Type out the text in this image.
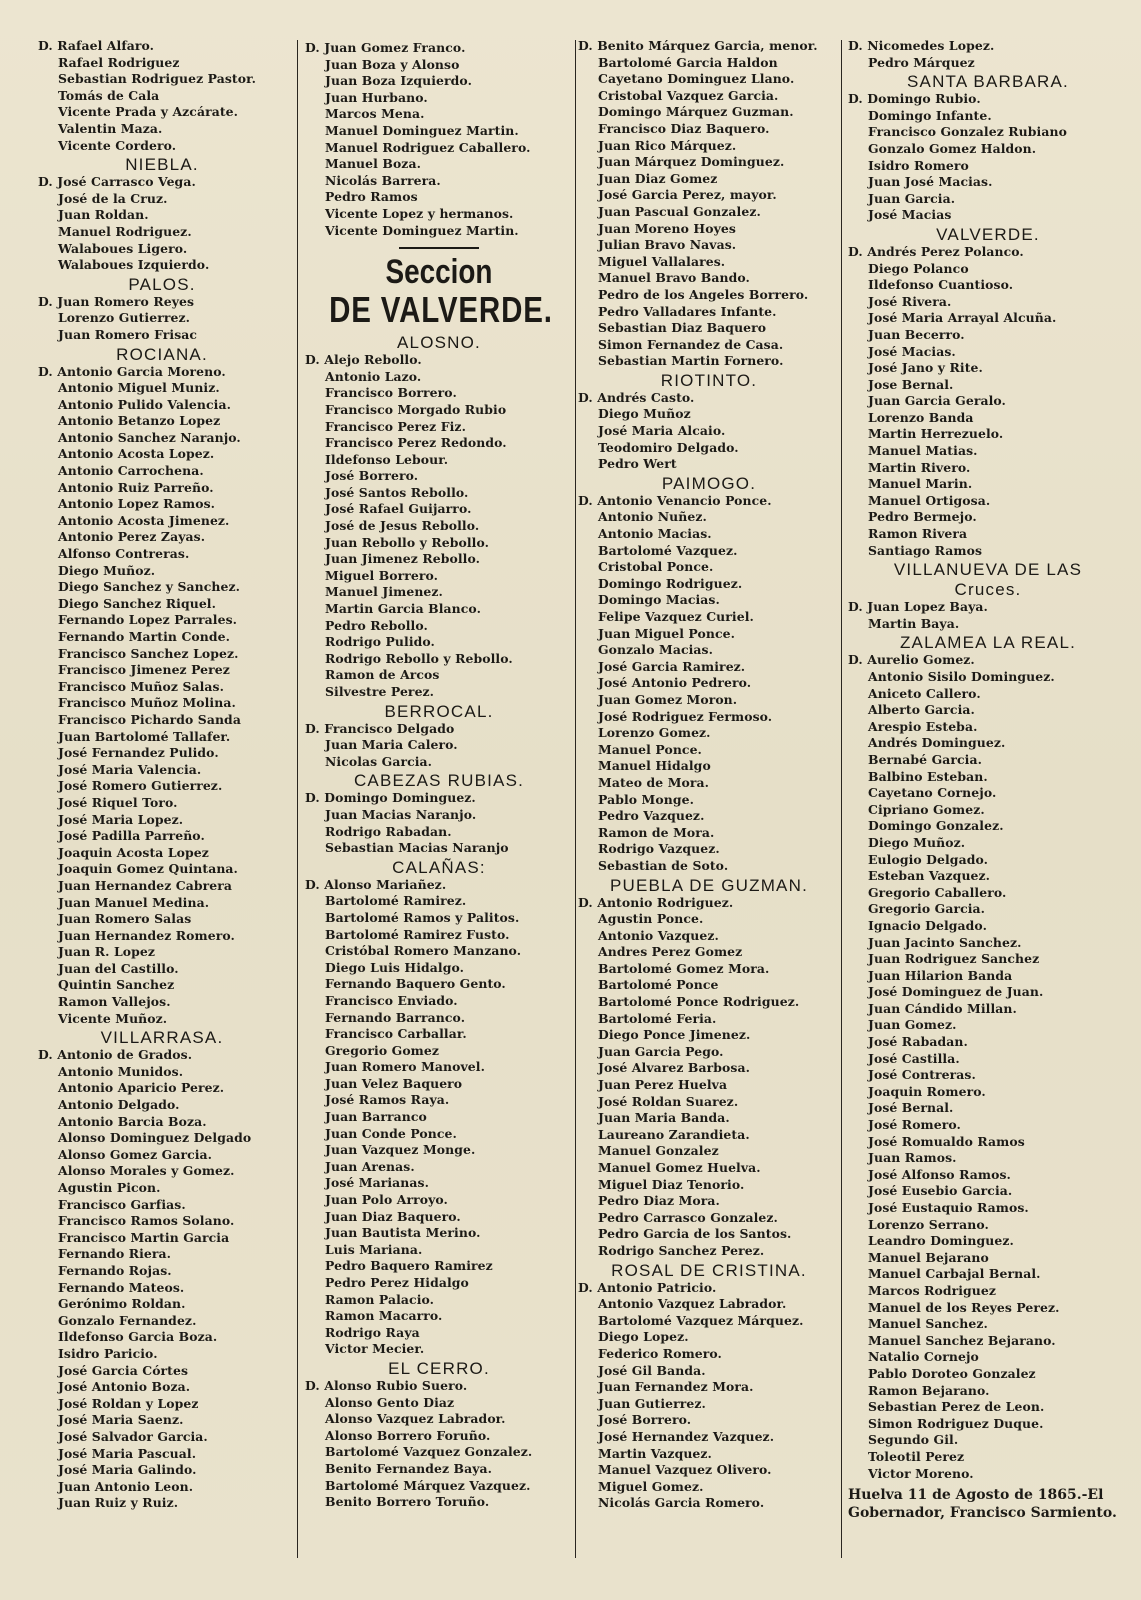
D. Rafael Alfaro.
Rafael Rodriguez
Sebastian Rodriguez Pastor.
Tomás de Cala
Vicente Prada y Azcárate.
Valentin Maza.
Vicente Cordero.
NIEBLA.
D. José Carrasco Vega.
José de la Cruz.
Juan Roldan.
Manuel Rodriguez.
Walaboues Ligero.
Walaboues Izquierdo.
PALOS.
D. Juan Romero Reyes
Lorenzo Gutierrez.
Juan Romero Frisac
ROCIANA.
D. Antonio Garcia Moreno.
Antonio Miguel Muniz.
Antonio Pulido Valencia.
Antonio Betanzo Lopez
Antonio Sanchez Naranjo.
Antonio Acosta Lopez.
Antonio Carrochena.
Antonio Ruiz Parreño.
Antonio Lopez Ramos.
Antonio Acosta Jimenez.
Antonio Perez Zayas.
Alfonso Contreras.
Diego Muñoz.
Diego Sanchez y Sanchez.
Diego Sanchez Riquel.
Fernando Lopez Parrales.
Fernando Martin Conde.
Francisco Sanchez Lopez.
Francisco Jimenez Perez
Francisco Muñoz Salas.
Francisco Muñoz Molina.
Francisco Pichardo Sanda
Juan Bartolomé Tallafer.
José Fernandez Pulido.
José Maria Valencia.
José Romero Gutierrez.
José Riquel Toro.
José Maria Lopez.
José Padilla Parreño.
Joaquin Acosta Lopez
Joaquin Gomez Quintana.
Juan Hernandez Cabrera
Juan Manuel Medina.
Juan Romero Salas
Juan Hernandez Romero.
Juan R. Lopez
Juan del Castillo.
Quintin Sanchez
Ramon Vallejos.
Vicente Muñoz.
VILLARRASA.
D. Antonio de Grados.
Antonio Munidos.
Antonio Aparicio Perez.
Antonio Delgado.
Antonio Barcia Boza.
Alonso Dominguez Delgado
Alonso Gomez Garcia.
Alonso Morales y Gomez.
Agustin Picon.
Francisco Garfias.
Francisco Ramos Solano.
Francisco Martin Garcia
Fernando Riera.
Fernando Rojas.
Fernando Mateos.
Gerónimo Roldan.
Gonzalo Fernandez.
Ildefonso Garcia Boza.
Isidro Paricio.
José Garcia Córtes
José Antonio Boza.
José Roldan y Lopez
José Maria Saenz.
José Salvador Garcia.
José Maria Pascual.
José Maria Galindo.
Juan Antonio Leon.
Juan Ruiz y Ruiz.
D. Juan Gomez Franco.
Juan Boza y Alonso
Juan Boza Izquierdo.
Juan Hurbano.
Marcos Mena.
Manuel Dominguez Martin.
Manuel Rodriguez Caballero.
Manuel Boza.
Nicolás Barrera.
Pedro Ramos
Vicente Lopez y hermanos.
Vicente Dominguez Martin.
Seccion
DE VALVERDE.
ALOSNO.
D. Alejo Rebollo.
Antonio Lazo.
Francisco Borrero.
Francisco Morgado Rubio
Francisco Perez Fiz.
Francisco Perez Redondo.
Ildefonso Lebour.
José Borrero.
José Santos Rebollo.
José Rafael Guijarro.
José de Jesus Rebollo.
Juan Rebollo y Rebollo.
Juan Jimenez Rebollo.
Miguel Borrero.
Manuel Jimenez.
Martin Garcia Blanco.
Pedro Rebollo.
Rodrigo Pulido.
Rodrigo Rebollo y Rebollo.
Ramon de Arcos
Silvestre Perez.
BERROCAL.
D. Francisco Delgado
Juan Maria Calero.
Nicolas Garcia.
CABEZAS RUBIAS.
D. Domingo Dominguez.
Juan Macias Naranjo.
Rodrigo Rabadan.
Sebastian Macias Naranjo
CALAÑAS:
D. Alonso Mariañez.
Bartolomé Ramirez.
Bartolomé Ramos y Palitos.
Bartolomé Ramirez Fusto.
Cristóbal Romero Manzano.
Diego Luis Hidalgo.
Fernando Baquero Gento.
Francisco Enviado.
Fernando Barranco.
Francisco Carballar.
Gregorio Gomez
Juan Romero Manovel.
Juan Velez Baquero
José Ramos Raya.
Juan Barranco
Juan Conde Ponce.
Juan Vazquez Monge.
Juan Arenas.
José Marianas.
Juan Polo Arroyo.
Juan Diaz Baquero.
Juan Bautista Merino.
Luis Mariana.
Pedro Baquero Ramirez
Pedro Perez Hidalgo
Ramon Palacio.
Ramon Macarro.
Rodrigo Raya
Victor Mecier.
EL CERRO.
D. Alonso Rubio Suero.
Alonso Gento Diaz
Alonso Vazquez Labrador.
Alonso Borrero Foruño.
Bartolomé Vazquez Gonzalez.
Benito Fernandez Baya.
Bartolomé Márquez Vazquez.
Benito Borrero Toruño.
D. Benito Márquez Garcia, menor.
Bartolomé Garcia Haldon
Cayetano Dominguez Llano.
Cristobal Vazquez Garcia.
Domingo Márquez Guzman.
Francisco Diaz Baquero.
Juan Rico Márquez.
Juan Márquez Dominguez.
Juan Diaz Gomez
José Garcia Perez, mayor.
Juan Pascual Gonzalez.
Juan Moreno Hoyes
Julian Bravo Navas.
Miguel Vallalares.
Manuel Bravo Bando.
Pedro de los Angeles Borrero.
Pedro Valladares Infante.
Sebastian Diaz Baquero
Simon Fernandez de Casa.
Sebastian Martin Fornero.
RIOTINTO.
D. Andrés Casto.
Diego Muñoz
José Maria Alcaio.
Teodomiro Delgado.
Pedro Wert
PAIMOGO.
D. Antonio Venancio Ponce.
Antonio Nuñez.
Antonio Macias.
Bartolomé Vazquez.
Cristobal Ponce.
Domingo Rodriguez.
Domingo Macias.
Felipe Vazquez Curiel.
Juan Miguel Ponce.
Gonzalo Macias.
José Garcia Ramirez.
José Antonio Pedrero.
Juan Gomez Moron.
José Rodriguez Fermoso.
Lorenzo Gomez.
Manuel Ponce.
Manuel Hidalgo
Mateo de Mora.
Pablo Monge.
Pedro Vazquez.
Ramon de Mora.
Rodrigo Vazquez.
Sebastian de Soto.
PUEBLA DE GUZMAN.
D. Antonio Rodriguez.
Agustin Ponce.
Antonio Vazquez.
Andres Perez Gomez
Bartolomé Gomez Mora.
Bartolomé Ponce
Bartolomé Ponce Rodriguez.
Bartolomé Feria.
Diego Ponce Jimenez.
Juan Garcia Pego.
José Alvarez Barbosa.
Juan Perez Huelva
José Roldan Suarez.
Juan Maria Banda.
Laureano Zarandieta.
Manuel Gonzalez
Manuel Gomez Huelva.
Miguel Diaz Tenorio.
Pedro Diaz Mora.
Pedro Carrasco Gonzalez.
Pedro Garcia de los Santos.
Rodrigo Sanchez Perez.
ROSAL DE CRISTINA.
D. Antonio Patricio.
Antonio Vazquez Labrador.
Bartolomé Vazquez Márquez.
Diego Lopez.
Federico Romero.
José Gil Banda.
Juan Fernandez Mora.
Juan Gutierrez.
José Borrero.
José Hernandez Vazquez.
Martin Vazquez.
Manuel Vazquez Olivero.
Miguel Gomez.
Nicolás Garcia Romero.
D. Nicomedes Lopez.
Pedro Márquez
SANTA BARBARA.
D. Domingo Rubio.
Domingo Infante.
Francisco Gonzalez Rubiano
Gonzalo Gomez Haldon.
Isidro Romero
Juan José Macias.
Juan Garcia.
José Macias
VALVERDE.
D. Andrés Perez Polanco.
Diego Polanco
Ildefonso Cuantioso.
José Rivera.
José Maria Arrayal Alcuña.
Juan Becerro.
José Macias.
José Jano y Rite.
Jose Bernal.
Juan Garcia Geralo.
Lorenzo Banda
Martin Herrezuelo.
Manuel Matias.
Martin Rivero.
Manuel Marin.
Manuel Ortigosa.
Pedro Bermejo.
Ramon Rivera
Santiago Ramos
VILLANUEVA DE LAS
Cruces.
D. Juan Lopez Baya.
Martin Baya.
ZALAMEA LA REAL.
D. Aurelio Gomez.
Antonio Sisilo Dominguez.
Aniceto Callero.
Alberto Garcia.
Arespio Esteba.
Andrés Dominguez.
Bernabé Garcia.
Balbino Esteban.
Cayetano Cornejo.
Cipriano Gomez.
Domingo Gonzalez.
Diego Muñoz.
Eulogio Delgado.
Esteban Vazquez.
Gregorio Caballero.
Gregorio Garcia.
Ignacio Delgado.
Juan Jacinto Sanchez.
Juan Rodriguez Sanchez
Juan Hilarion Banda
José Dominguez de Juan.
Juan Cándido Millan.
Juan Gomez.
José Rabadan.
José Castilla.
José Contreras.
Joaquin Romero.
José Bernal.
José Romero.
José Romualdo Ramos
Juan Ramos.
José Alfonso Ramos.
José Eusebio Garcia.
José Eustaquio Ramos.
Lorenzo Serrano.
Leandro Dominguez.
Manuel Bejarano
Manuel Carbajal Bernal.
Marcos Rodriguez
Manuel de los Reyes Perez.
Manuel Sanchez.
Manuel Sanchez Bejarano.
Natalio Cornejo
Pablo Doroteo Gonzalez
Ramon Bejarano.
Sebastian Perez de Leon.
Simon Rodriguez Duque.
Segundo Gil.
Toleotil Perez
Victor Moreno.
Huelva 11 de Agosto de 1865.-El Gobernador, Francisco Sarmiento.
